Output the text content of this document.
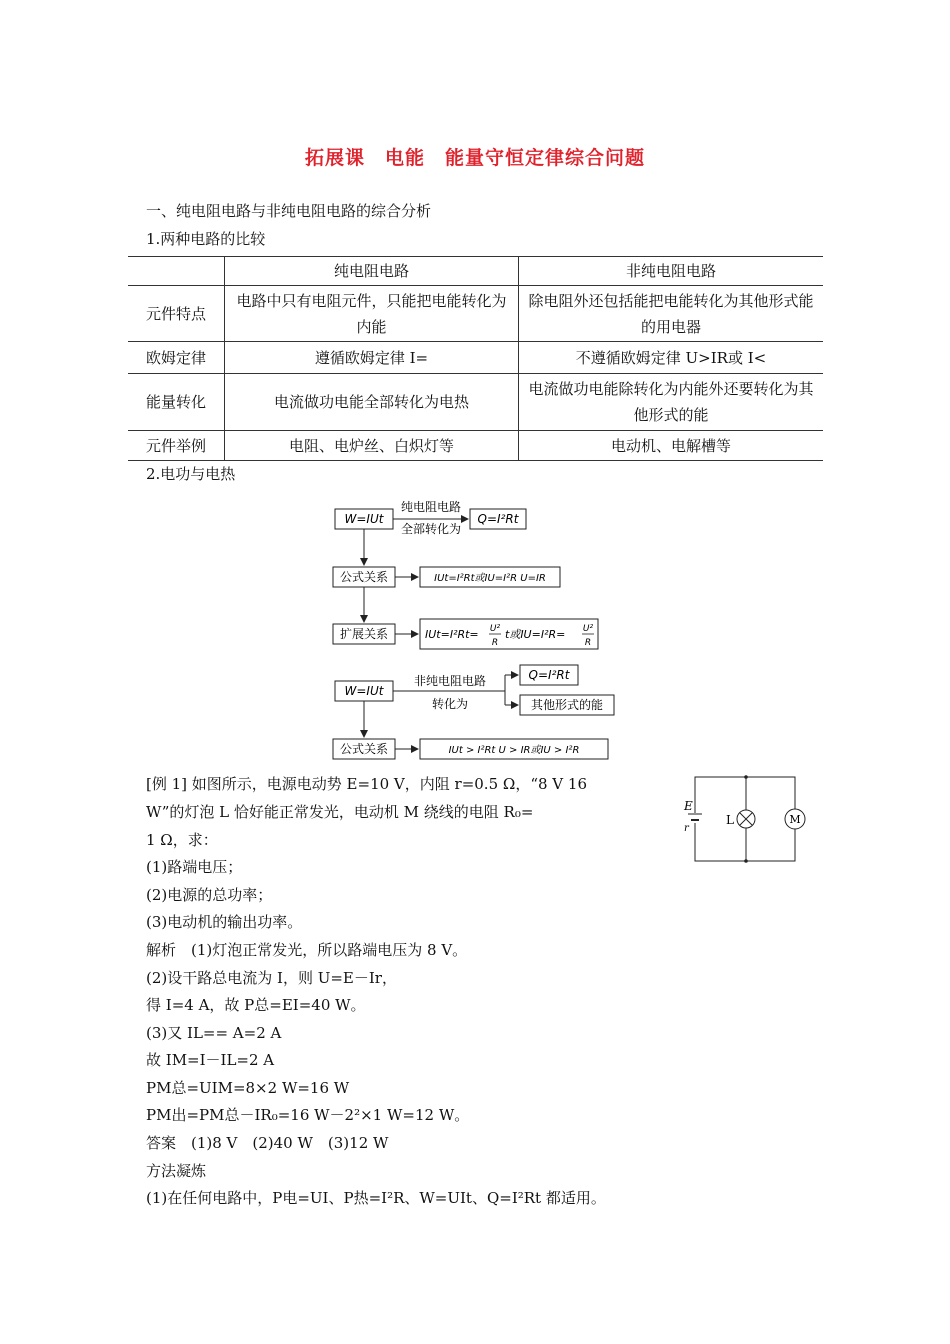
拓展课　电能　能量守恒定律综合问题
一、纯电阻电路与非纯电阻电路的综合分析
1.两种电路的比较
	纯电阻电路	非纯电阻电路
元件特点	电路中只有电阻元件，只能把电能转化为内能	除电阻外还包括能把电能转化为其他形式能的用电器
欧姆定律	遵循欧姆定律 I=	不遵循欧姆定律 U>IR或 I<
能量转化	电流做功电能全部转化为电热	电流做功电能除转化为内能外还要转化为其他形式的能
元件举例	电阻、电炉丝、白炽灯等	电动机、电解槽等
2.电功与电热
W=IUt
纯电阻电路
全部转化为
Q=I²Rt
公式关系	IUt=I²Rt或IU=I²R U=IR
扩展关系	IUt=I²Rt= U²
R
t或IU=I²R= U²
R
W=IUt
非纯电阻电路
转化为
Q=I²Rt
其他形式的能
公式关系	IUt > I²Rt U > IR或IU > I²R
[例 1] 如图所示，电源电动势 E=10 V，内阻 r=0.5 Ω，“8 V 16
W”的灯泡 L 恰好能正常发光，电动机 M 绕线的电阻 R₀=
1 Ω，求：
(1)路端电压；
(2)电源的总功率；
(3)电动机的输出功率。
解析　(1)灯泡正常发光，所以路端电压为 8 V。
(2)设干路总电流为 I，则 U=E－Ir，
得 I=4 A，故 P总=EI=40 W。
(3)又 IL== A=2 A
故 IM=I－IL=2 A
PM总=UIM=8×2 W=16 W
PM出=PM总－IR₀=16 W－2²×1 W=12 W。
答案　(1)8 V　(2)40 W　(3)12 W
方法凝炼
(1)在任何电路中，P电=UI、P热=I²R、W=UIt、Q=I²Rt 都适用。
E
r
L	M
